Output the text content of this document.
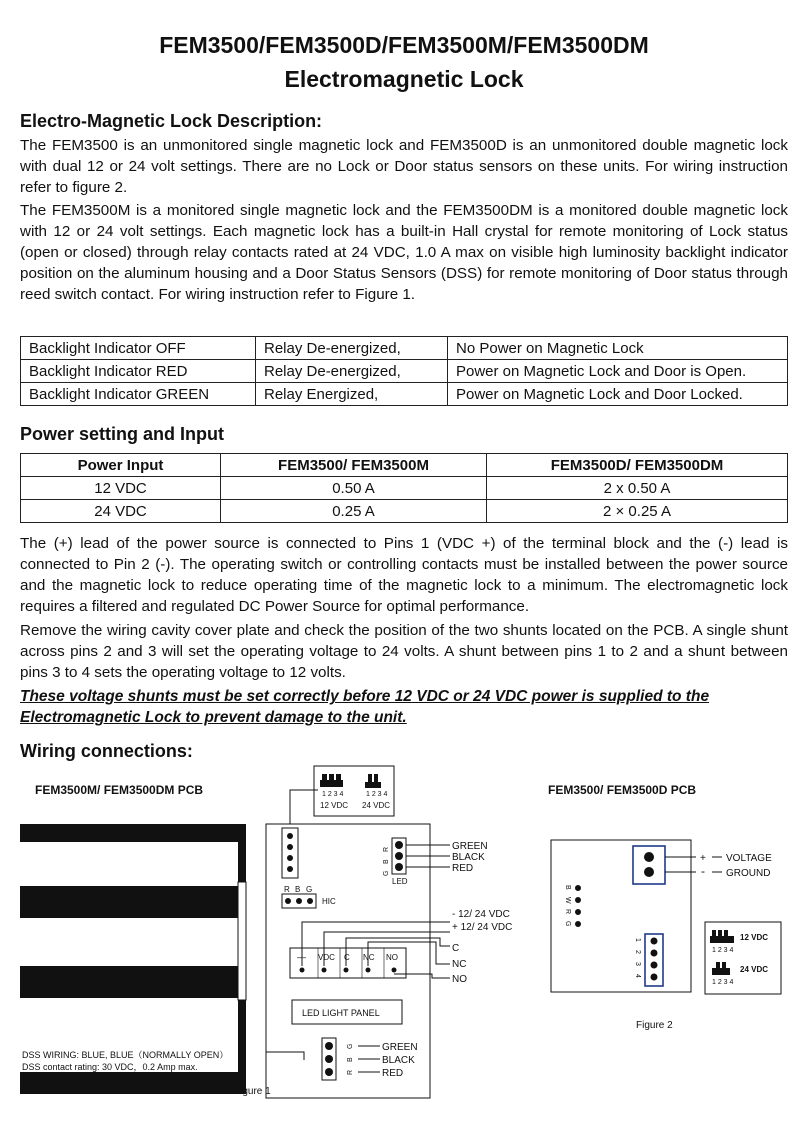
FEM3500/FEM3500D/FEM3500M/FEM3500DM
Electromagnetic Lock
Electro-Magnetic Lock Description:
The FEM3500 is an unmonitored single magnetic lock and FEM3500D is an unmonitored double magnetic lock with dual 12 or 24 volt settings. There are no Lock or Door status sensors on these units. For wiring instruction refer to figure 2.
The FEM3500M is a monitored single magnetic lock and the FEM3500DM is a monitored double magnetic lock with 12 or 24 volt settings. Each magnetic lock has a built-in Hall crystal for remote monitoring of Lock status (open or closed) through relay contacts rated at 24 VDC, 1.0 A max on visible high luminosity backlight indicator position on the aluminum housing and a Door Status Sensors (DSS) for remote monitoring of Door status through reed switch contact. For wiring instruction refer to Figure 1.
Backlight Indicator OFF	Relay De-energized,	No Power on Magnetic Lock
Backlight Indicator RED	Relay De-energized,	Power on Magnetic Lock and Door is Open.
Backlight Indicator GREEN	Relay Energized,	Power on Magnetic Lock and Door Locked.
Power setting and Input
Power Input	FEM3500/ FEM3500M	FEM3500D/ FEM3500DM
12 VDC	0.50 A	2 x 0.50 A
24 VDC	0.25 A	2 × 0.25 A
The (+) lead of the power source is connected to Pins 1 (VDC +) of the terminal block and the (-) lead is connected to Pin 2 (-). The operating switch or controlling contacts must be installed between the power source and the magnetic lock to reduce operating time of the magnetic lock to a minimum. The electromagnetic lock requires a filtered and regulated DC Power Source for optimal performance.
Remove the wiring cavity cover plate and check the position of the two shunts located on the PCB. A single shunt across pins 2 and 3 will set the operating voltage to 24 volts. A shunt between pins 1 to 2 and a shunt between pins 3 to 4 sets the operating voltage to 12 volts.
These voltage shunts must be set correctly before 12 VDC or 24 VDC power is supplied to the Electromagnetic Lock to prevent damage to the unit.
Wiring connections:
FEM3500M/ FEM3500DM PCB	1 2 3 4	1 2 3 4
12 VDC 24 VDC
R B G
HIC
R
B
G
LED
GREEN
BLACK
RED
— VDC C NC NO
- 12/ 24 VDC
+ 12/ 24 VDC
C
NC
NO
LED LIGHT PANEL
DSS WIRING: BLUE, BLUE（NORMALLY OPEN）
DSS contact rating: 30 VDC，0.2 Amp max.
G
B
R
GREEN
BLACK
RED
Figure 1
FEM3500/ FEM3500D PCB
+
-
VOLTAGE
GROUND
B
W
R
G
1
2
3
4
1 2 3 4
12 VDC
1 2 3 4
24 VDC
Figure 2
